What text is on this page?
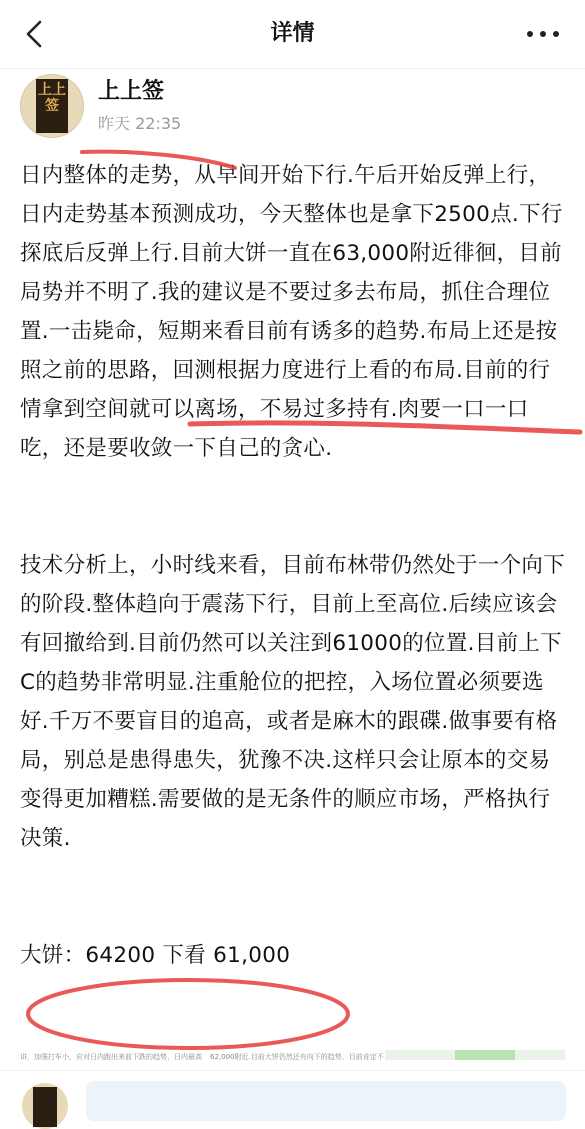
详情
上上签
上上签
昨天 22:35

日内整体的走势，从早间开始下行.午后开始反弹上行，日内走势基本预测成功，今天整体也是拿下2500点.下行探底后反弹上行.目前大饼一直在63,000附近徘徊，目前局势并不明了.我的建议是不要过多去布局，抓住合理位置.一击毙命，短期来看目前有诱多的趋势.布局上还是按照之前的思路，回测根据力度进行上看的布局.目前的行情拿到空间就可以离场，不易过多持有.肉要一口一口吃，还是要收敛一下自己的贪心.

技术分析上，小时线来看，目前布林带仍然处于一个向下的阶段.整体趋向于震荡下行，目前上至高位.后续应该会有回撤给到.目前仍然可以关注到61000的位置.目前上下C的趋势非常明显.注重舱位的把控，入场位置必须要选好.千万不要盲目的追高，或者是麻木的跟碟.做事要有格局，别总是患得患失，犹豫不决.这样只会让原本的交易变得更加糟糕.需要做的是无条件的顺应市场，严格执行决策.

大饼：64200 下看 61,000

讲，加强打车小，应对日内跑出来前下跌的趋势，日内最高 62,000附近.目前大饼仍然还有向下的趋势，目前肯定不
